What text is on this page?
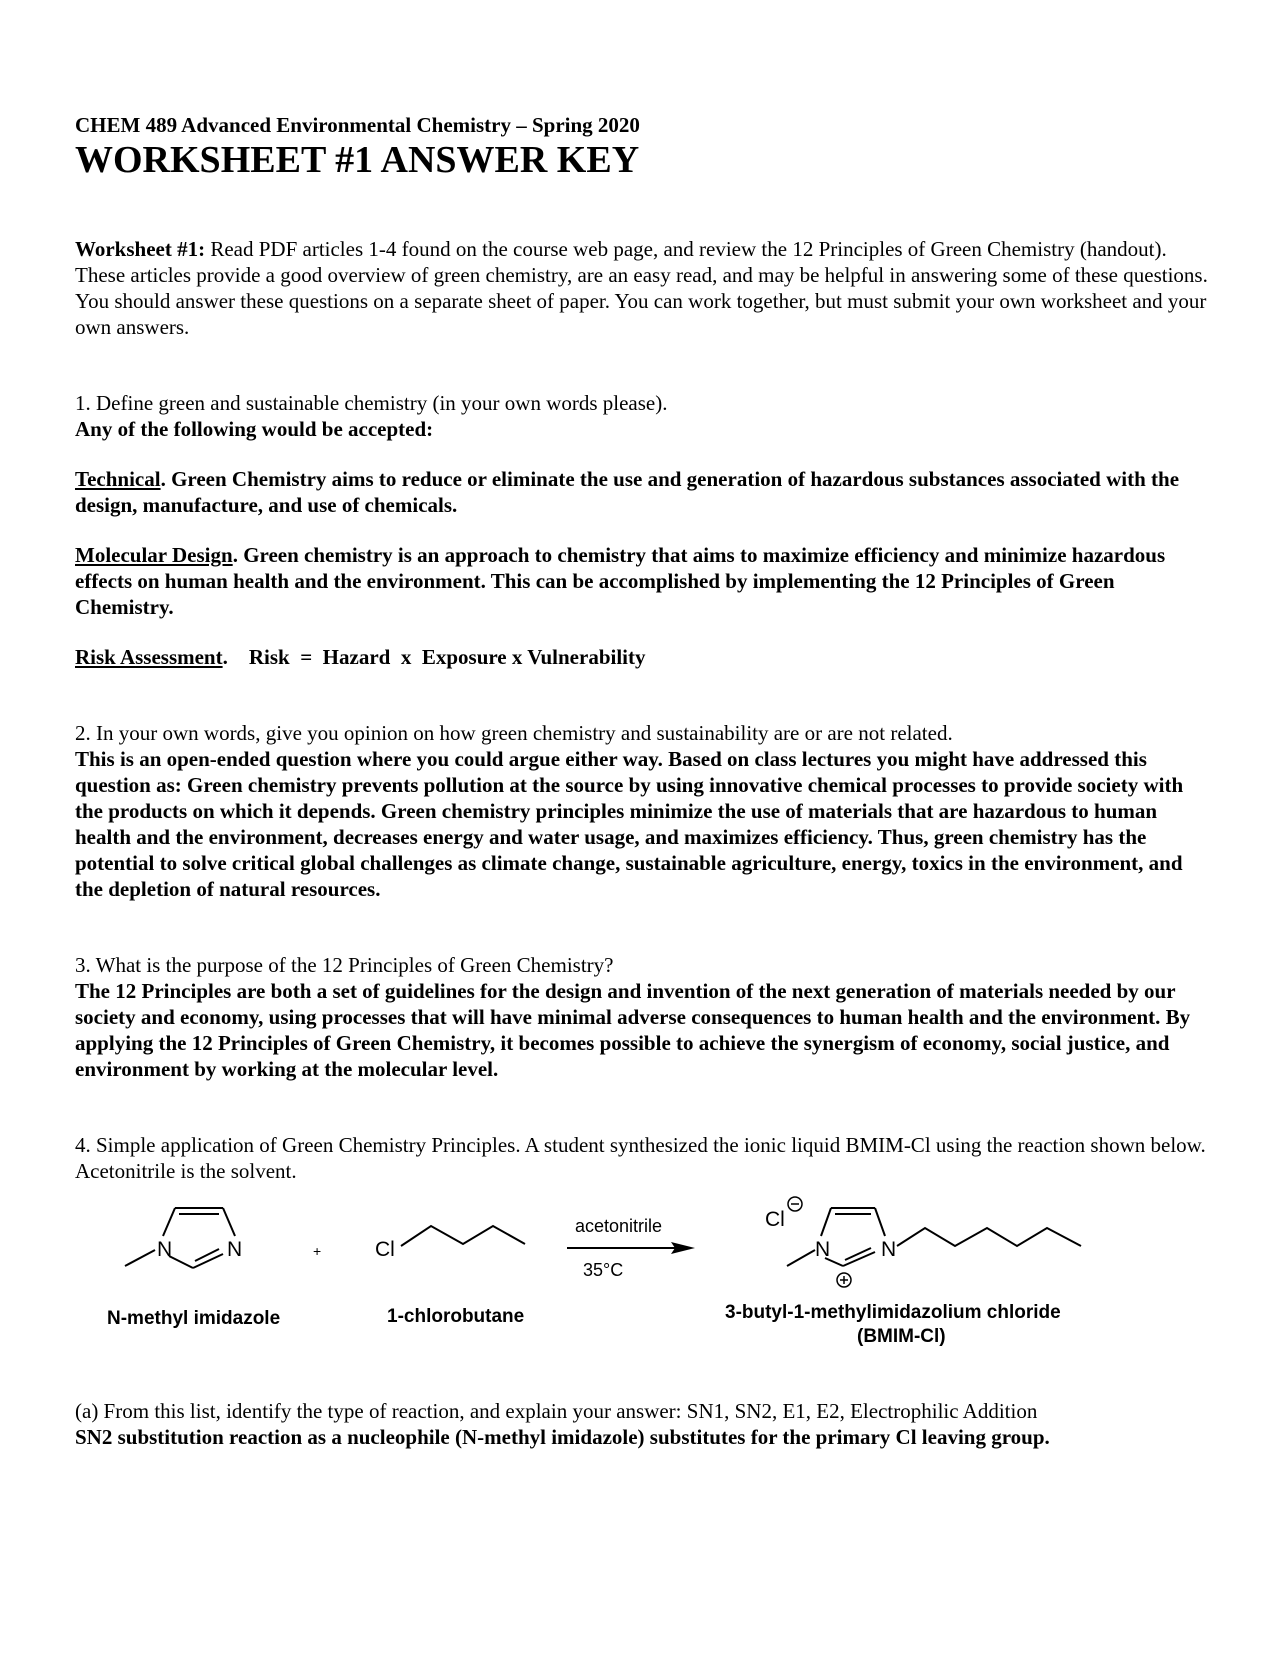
CHEM 489 Advanced Environmental Chemistry – Spring 2020

WORKSHEET #1 ANSWER KEY

Worksheet #1: Read PDF articles 1-4 found on the course web page, and review the 12 Principles of Green Chemistry (handout). These articles provide a good overview of green chemistry, are an easy read, and may be helpful in answering some of these questions. You should answer these questions on a separate sheet of paper. You can work together, but must submit your own worksheet and your own answers.

1. Define green and sustainable chemistry (in your own words please).

Any of the following would be accepted:

Technical. Green Chemistry aims to reduce or eliminate the use and generation of hazardous substances associated with the design, manufacture, and use of chemicals.

Molecular Design. Green chemistry is an approach to chemistry that aims to maximize efficiency and minimize hazardous effects on human health and the environment. This can be accomplished by implementing the 12 Principles of Green Chemistry.

Risk Assessment.    Risk  =  Hazard  x  Exposure x Vulnerability

2. In your own words, give you opinion on how green chemistry and sustainability are or are not related.

This is an open-ended question where you could argue either way. Based on class lectures you might have addressed this question as: Green chemistry prevents pollution at the source by using innovative chemical processes to provide society with the products on which it depends. Green chemistry principles minimize the use of materials that are hazardous to human health and the environment, decreases energy and water usage, and maximizes efficiency. Thus, green chemistry has the potential to solve critical global challenges as climate change, sustainable agriculture, energy, toxics in the environment, and the depletion of natural resources.

3. What is the purpose of the 12 Principles of Green Chemistry?

The 12 Principles are both a set of guidelines for the design and invention of the next generation of materials needed by our society and economy, using processes that will have minimal adverse consequences to human health and the environment. By applying the 12 Principles of Green Chemistry, it becomes possible to achieve the synergism of economy, social justice, and environment by working at the molecular level.

4. Simple application of Green Chemistry Principles. A student synthesized the ionic liquid BMIM-Cl using the reaction shown below. Acetonitrile is the solvent.

N	N	+	Cl
acetonitrile
35°C
Cl
N N
N-methyl imidazole	1-chlorobutane	3-butyl-1-methylimidazolium chloride
(BMIM-Cl)

(a) From this list, identify the type of reaction, and explain your answer: SN1, SN2, E1, E2, Electrophilic Addition

SN2 substitution reaction as a nucleophile (N-methyl imidazole) substitutes for the primary Cl leaving group.
